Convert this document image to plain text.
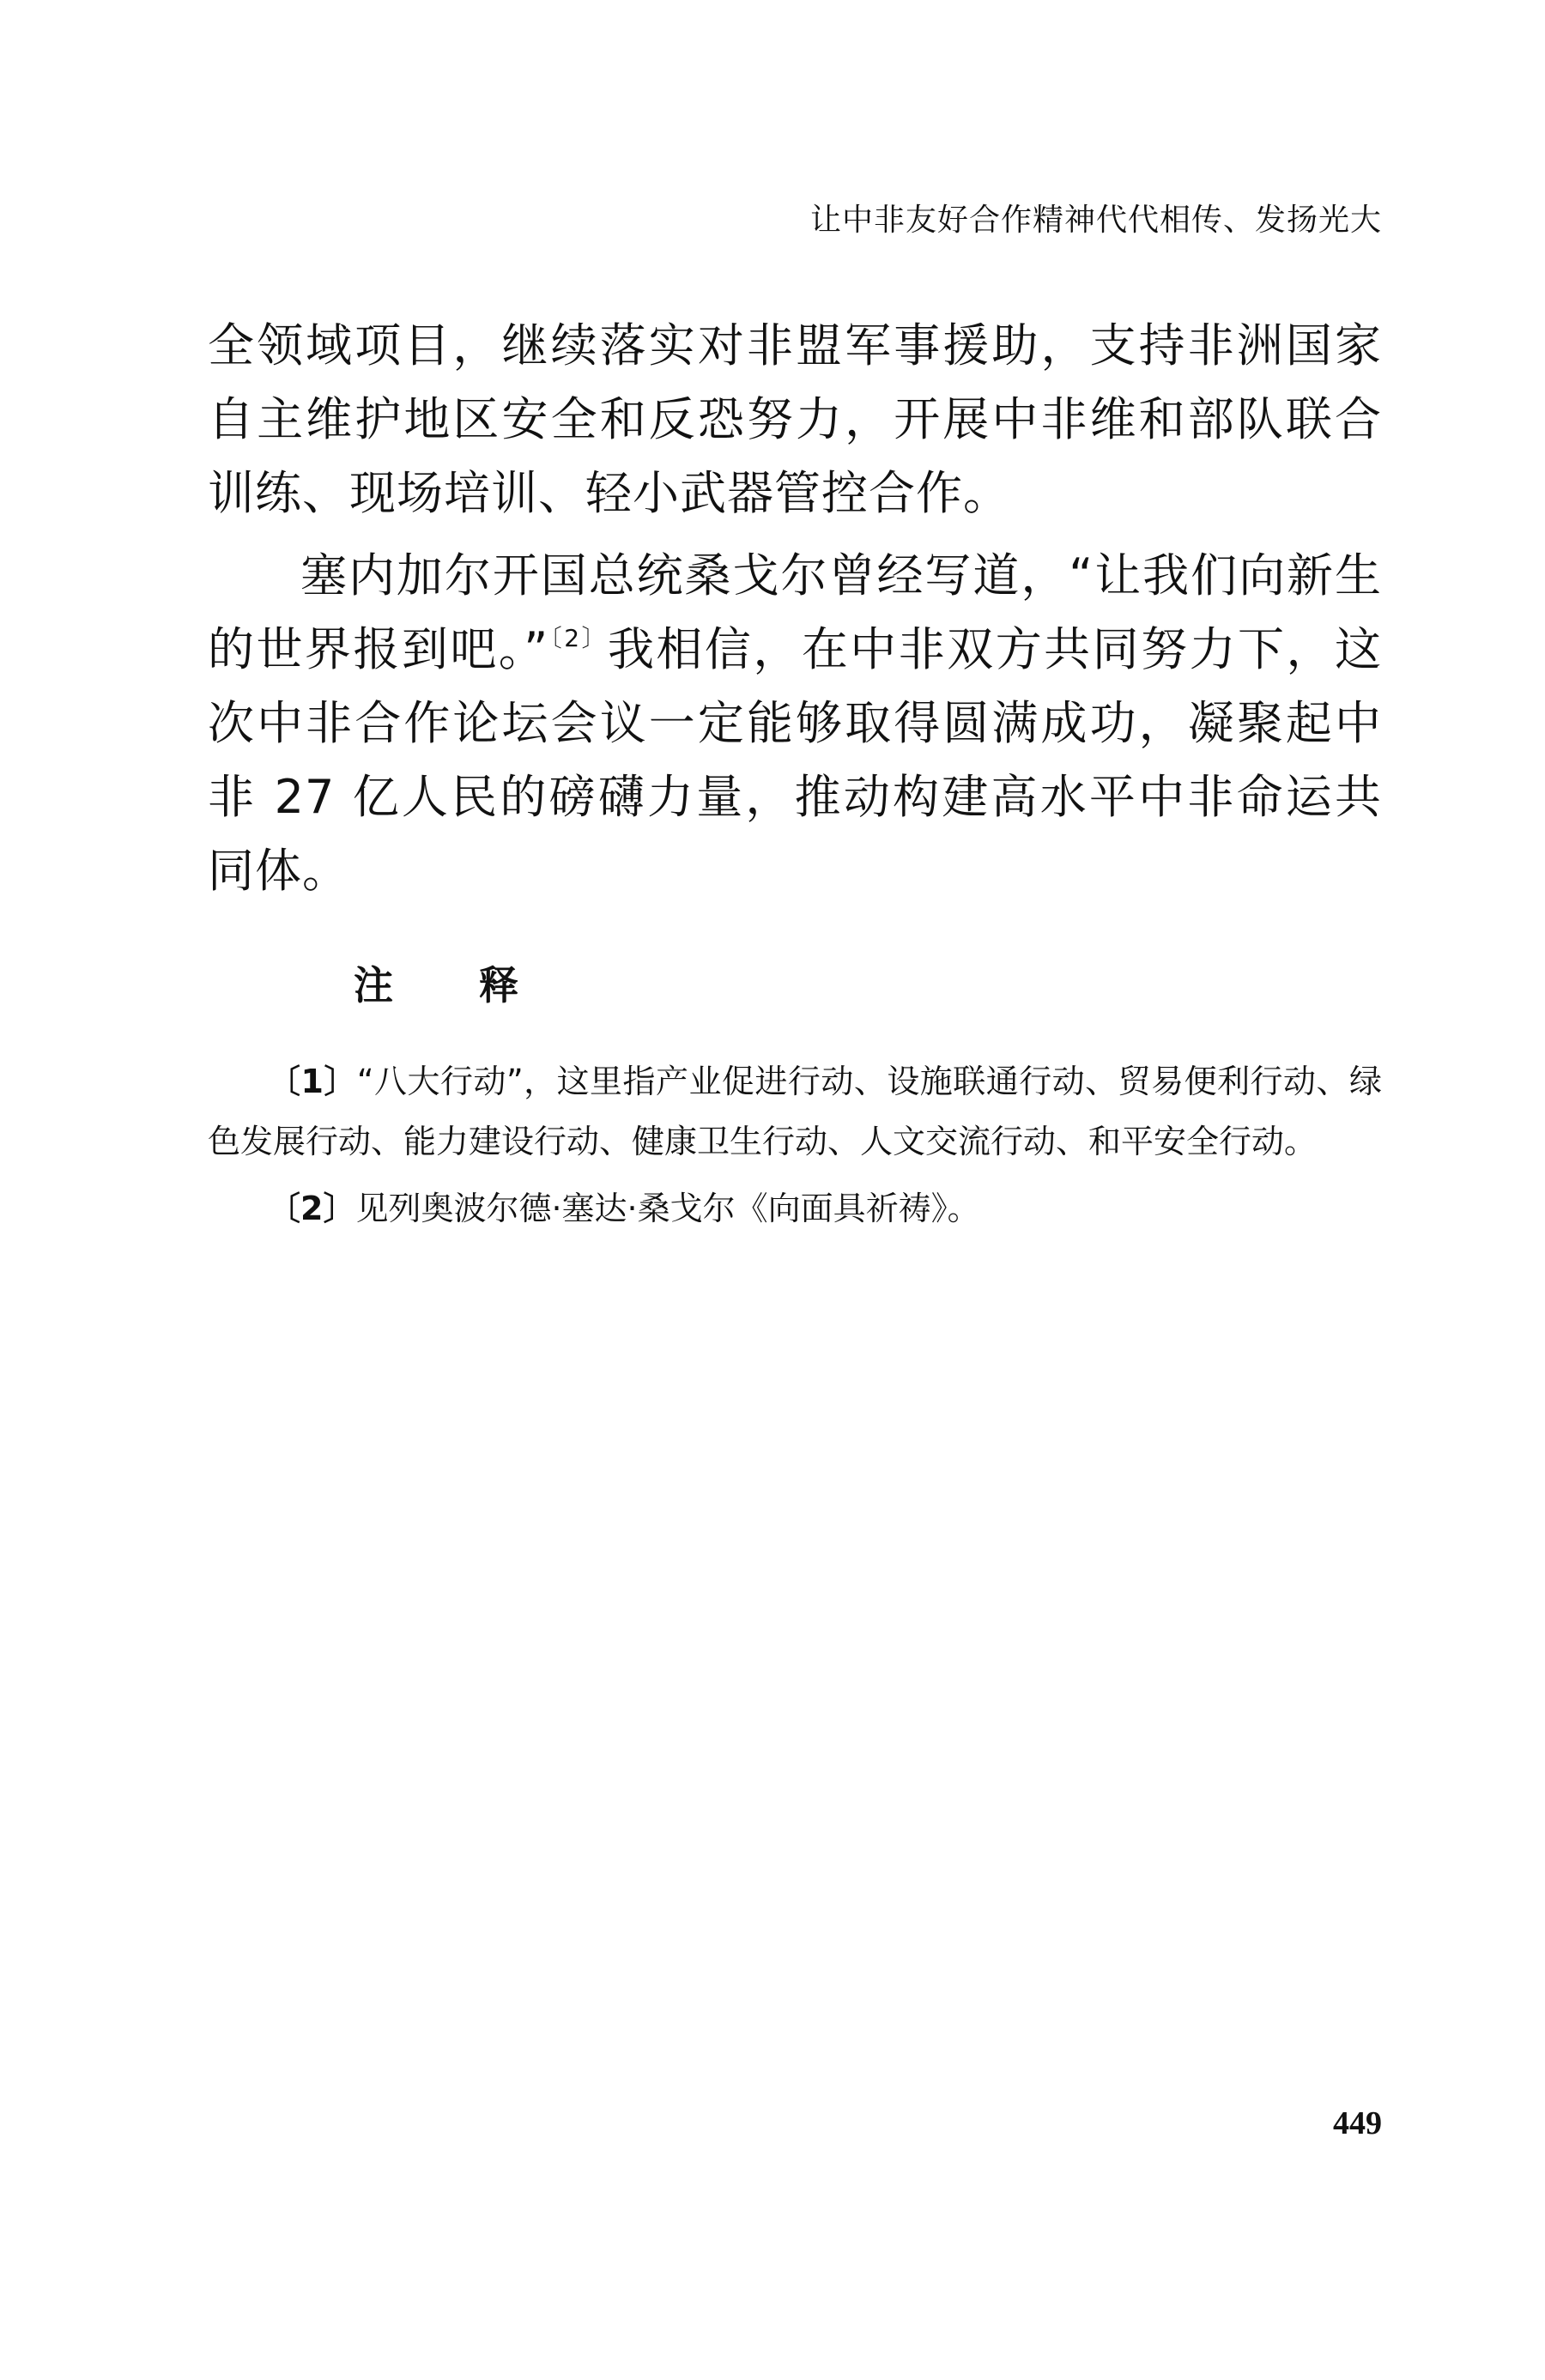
让中非友好合作精神代代相传、发扬光大

全领域项目，继续落实对非盟军事援助，支持非洲国家自主维护地区安全和反恐努力，开展中非维和部队联合训练、现场培训、轻小武器管控合作。

塞内加尔开国总统桑戈尔曾经写道，“让我们向新生的世界报到吧。”$^{〔2〕}$我相信，在中非双方共同努力下，这次中非合作论坛会议一定能够取得圆满成功，凝聚起中非 27 亿人民的磅礴力量，推动构建高水平中非命运共同体。

注释

〔1〕“八大行动”，这里指产业促进行动、设施联通行动、贸易便利行动、绿色发展行动、能力建设行动、健康卫生行动、人文交流行动、和平安全行动。

〔2〕见列奥波尔德·塞达·桑戈尔《向面具祈祷》。

449
